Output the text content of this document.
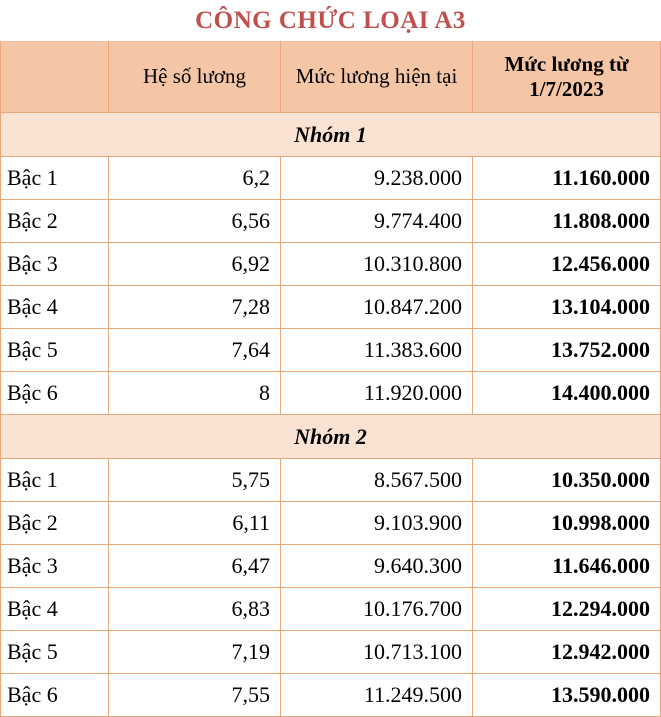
CÔNG CHỨC LOẠI A3			
	Hệ số lương	Mức lương hiện tại	Mức lương từ 1/7/2023
Nhóm 1			
Bậc 1	6,2	9.238.000	11.160.000
Bậc 2	6,56	9.774.400	11.808.000
Bậc 3	6,92	10.310.800	12.456.000
Bậc 4	7,28	10.847.200	13.104.000
Bậc 5	7,64	11.383.600	13.752.000
Bậc 6	8	11.920.000	14.400.000
Nhóm 2			
Bậc 1	5,75	8.567.500	10.350.000
Bậc 2	6,11	9.103.900	10.998.000
Bậc 3	6,47	9.640.300	11.646.000
Bậc 4	6,83	10.176.700	12.294.000
Bậc 5	7,19	10.713.100	12.942.000
Bậc 6	7,55	11.249.500	13.590.000
